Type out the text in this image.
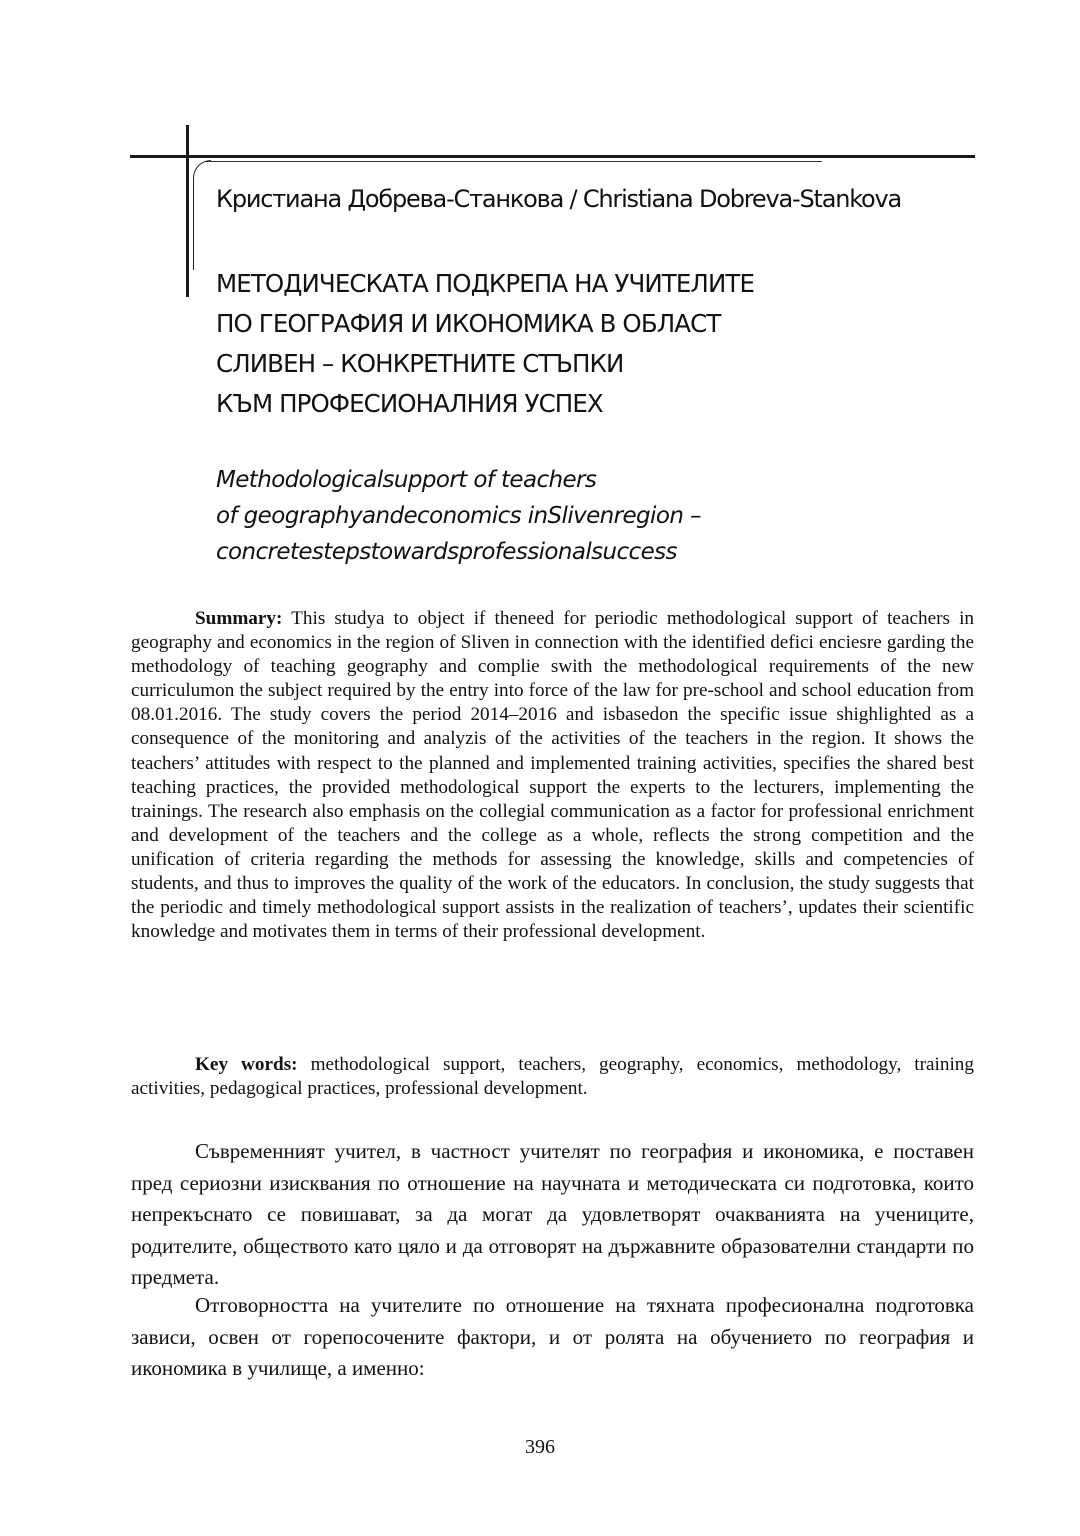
Кристиана Добрева-Станкова / Christiana Dobreva-Stankova
МЕТОДИЧЕСКАТА ПОДКРЕПА НА УЧИТЕЛИТЕ
ПО ГЕОГРАФИЯ И ИКОНОМИКА В ОБЛАСТ
СЛИВЕН – КОНКРЕТНИТЕ СТЪПКИ
КЪМ ПРОФЕСИОНАЛНИЯ УСПЕХ
Methodologicalsupport of teachers
of geographyandeconomics inSlivenregion –
concretestepstowardsprofessionalsuccess

Summary: This studya to object if theneed for periodic methodological support of teachers in geography and economics in the region of Sliven in connection with the identified defici enciesre garding the methodology of teaching geography and complie swith the methodological requirements of the new curriculumon the subject required by the entry into force of the law for pre-school and school education from 08.01.2016. The study covers the period 2014–2016 and isbasedon the specific issue shighlighted as a consequence of the monitoring and analyzis of the activities of the teachers in the region. It shows the teachers’ attitudes with respect to the planned and implemented training activities, specifies the shared best teaching practices, the provided methodological support the experts to the lecturers, implementing the trainings. The research also emphasis on the collegial communication as a factor for professional enrichment and development of the teachers and the college as a whole, reflects the strong competition and the unification of criteria regarding the methods for assessing the knowledge, skills and competencies of students, and thus to improves the quality of the work of the educators. In conclusion, the study suggests that the periodic and timely methodological support assists in the realization of teachers’, updates their scientific knowledge and motivates them in terms of their professional development.

Key words: methodological support, teachers, geography, economics, methodology, training activities, pedagogical practices, professional development.

Съвременният учител, в частност учителят по география и икономика, е поставен пред сериозни изисквания по отношение на научната и методическата си подготовка, които непрекъснато се повишават, за да могат да удовлетворят очакванията на учениците, родителите, обществото като цяло и да отговорят на държавните образователни стандарти по предмета.

Отговорността на учителите по отношение на тяхната професионална подготовка зависи, освен от горепосочените фактори, и от ролята на обучението по география и икономика в училище, а именно:

396
